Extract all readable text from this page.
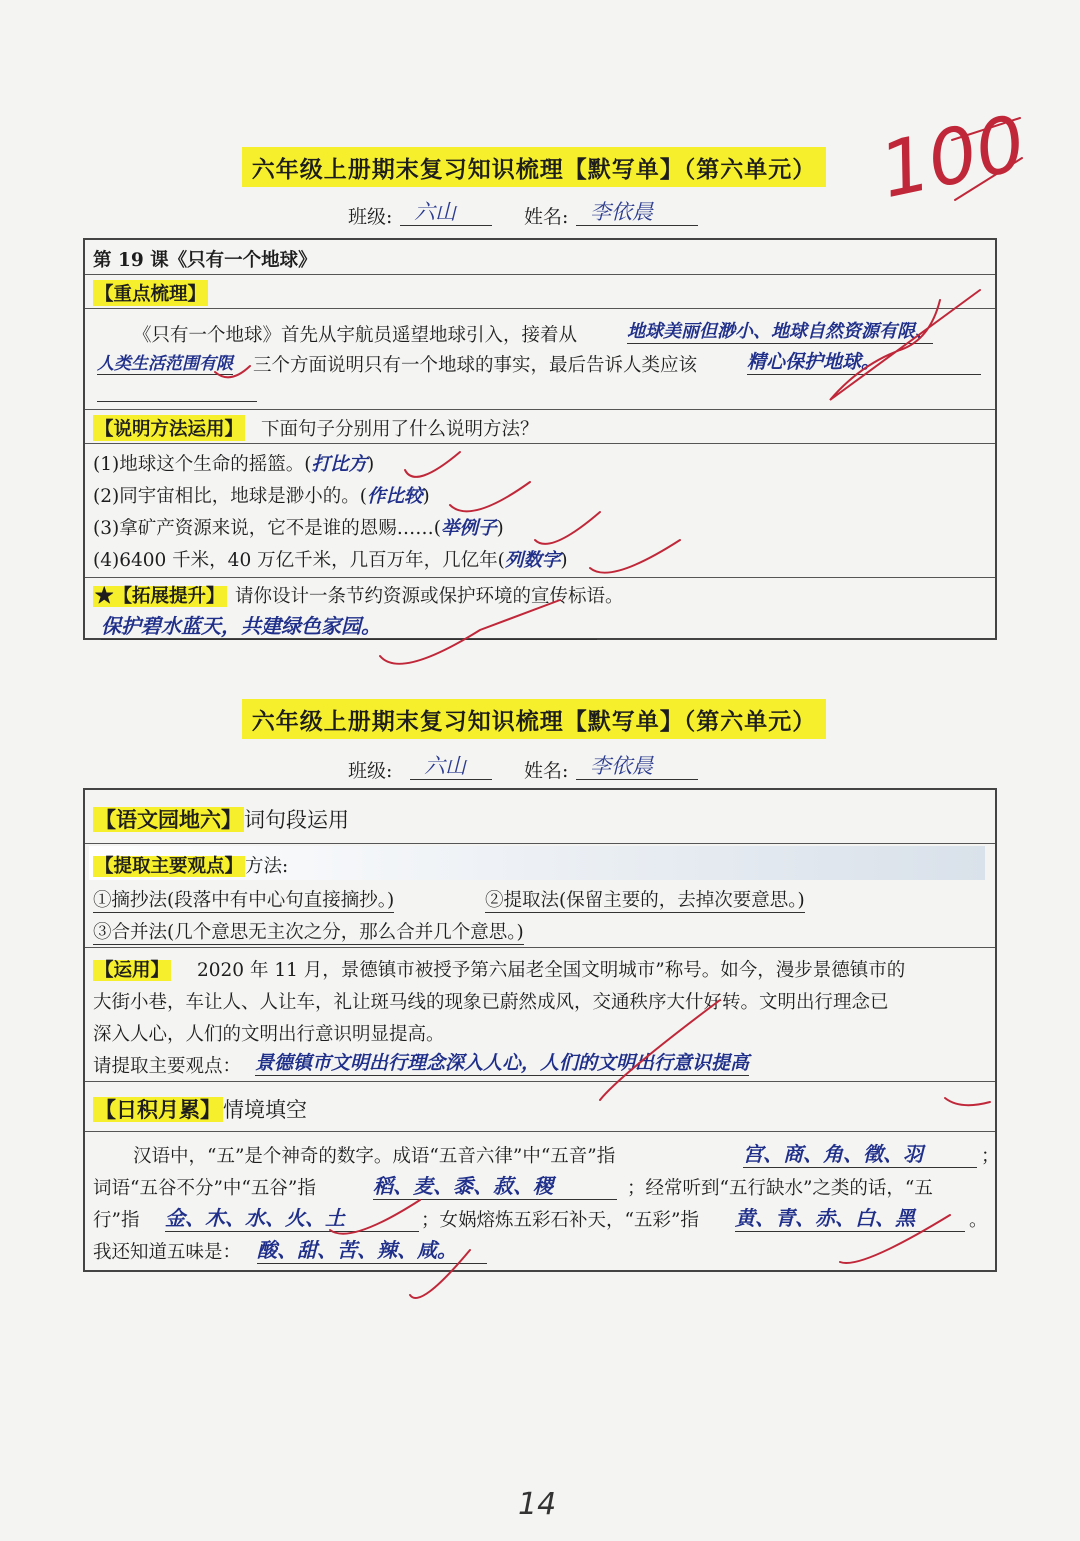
六年级上册期末复习知识梳理【默写单】（第六单元）
班级:	六山	姓名:	李依晨
第 19 课《只有一个地球》
【重点梳理】
《只有一个地球》首先从宇航员遥望地球引入，接着从	地球美丽但渺小、地球自然资源有限、
人类生活范围有限 三个方面说明只有一个地球的事实，最后告诉人类应该	精心保护地球。
【说明方法运用】 下面句子分别用了什么说明方法？
(1)地球这个生命的摇篮。(打比方)
(2)同宇宙相比，地球是渺小的。(作比较)
(3)拿矿产资源来说，它不是谁的恩赐……(举例子)
(4)6400 千米，40 万亿千米，几百万年，几亿年(列数字)
★【拓展提升】 请你设计一条节约资源或保护环境的宣传标语。
保护碧水蓝天，共建绿色家园。
100
六年级上册期末复习知识梳理【默写单】（第六单元）
班级:	六山	姓名:	李依晨
【语文园地六】词句段运用
【提取主要观点】 方法:
①摘抄法(段落中有中心句直接摘抄。)	②提取法(保留主要的，去掉次要意思。)
③合并法(几个意思无主次之分，那么合并几个意思。)
【运用】 2020 年 11 月，景德镇市被授予第六届老全国文明城市”称号。如今，漫步景德镇市的
大街小巷，车让人、人让车，礼让斑马线的现象已蔚然成风，交通秩序大什好转。文明出行理念已
深入人心，人们的文明出行意识明显提高。
请提取主要观点： 景德镇市文明出行理念深入人心，人们的文明出行意识提高
【日积月累】情境填空
汉语中，“五”是个神奇的数字。成语“五音六律”中“五音”指	宫、商、角、徵、羽	；
词语“五谷不分”中“五谷”指	稻、麦、黍、菽、稷	；经常听到“五行缺水”之类的话，“五
行”指 金、木、水、火、土	；女娲熔炼五彩石补天，“五彩”指 黄、青、赤、白、黑	。
我还知道五味是： 酸、甜、苦、辣、咸。
14
